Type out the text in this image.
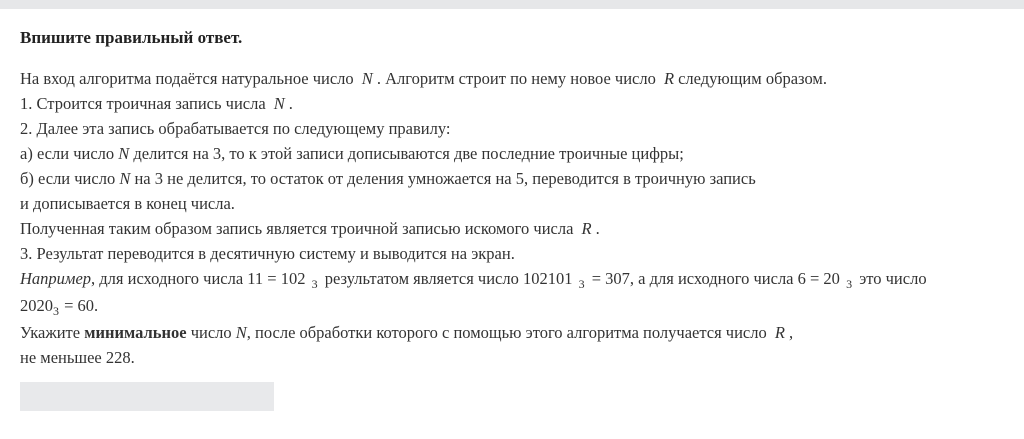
Впишите правильный ответ.
На вход алгоритма подаётся натуральное число N . Алгоритм строит по нему новое число R следующим образом.
1. Строится троичная запись числа N .
2. Далее эта запись обрабатывается по следующему правилу:
а) если число N делится на 3, то к этой записи дописываются две последние троичные цифры;
б) если число N на 3 не делится, то остаток от деления умножается на 5, переводится в троичную запись
и дописывается в конец числа.
Полученная таким образом запись является троичной записью искомого числа R .
3. Результат переводится в десятичную систему и выводится на экран.
Например, для исходного числа 11 = 102 $_3$ результатом является число 102101 $_3$ = 307, а для исходного числа 6 = 20 $_3$ это число
$2020_3 = 60$.
Укажите минимальное число N, после обработки которого с помощью этого алгоритма получается число R ,
не меньшее 228.
